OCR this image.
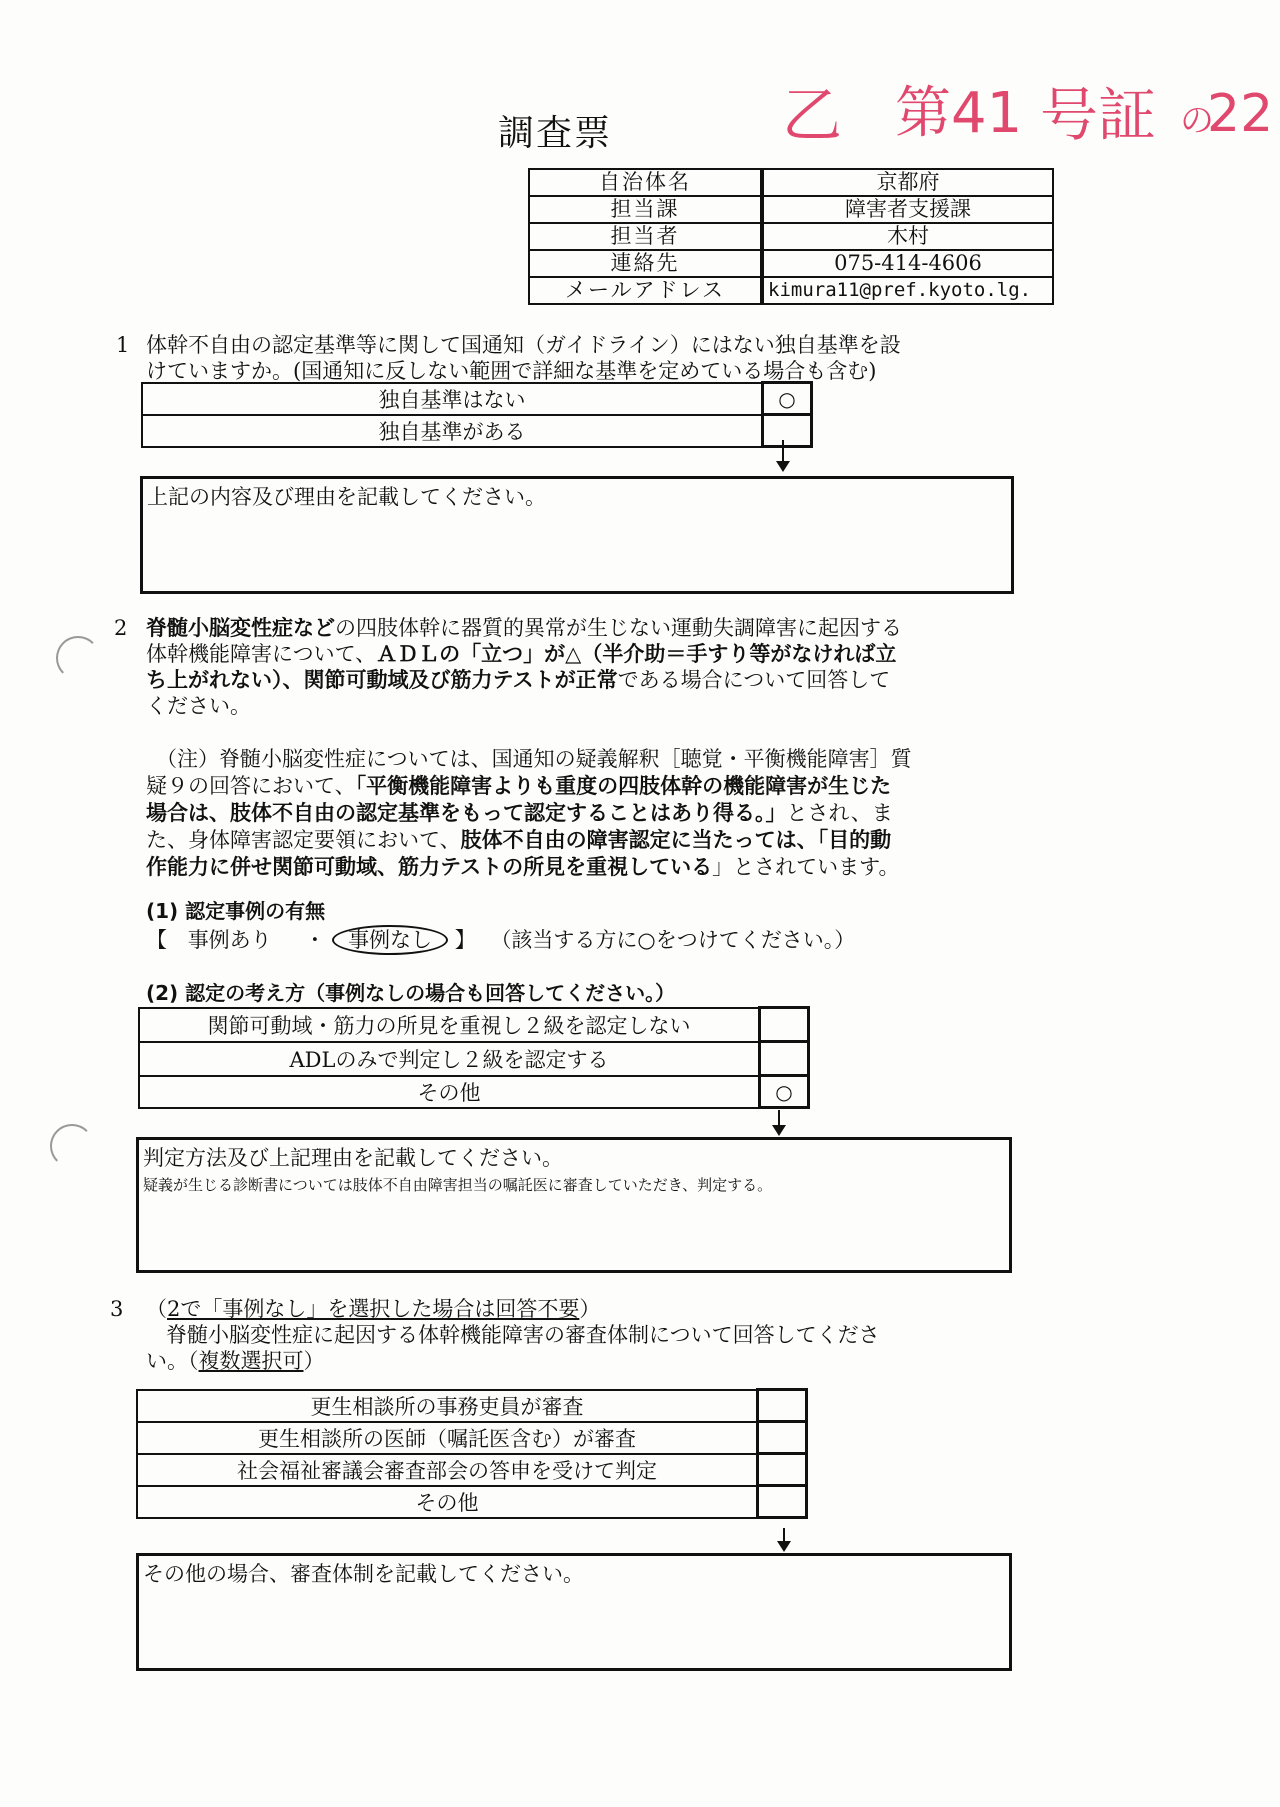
調査票	乙 第41 号証 の
22
自治体名	京都府
担当課	障害者支援課
担当者	木村
連絡先	075-414-4606
メールアドレス	kimura11@pref.kyoto.lg.
1 体幹不自由の認定基準等に関して国通知（ガイドライン）にはない独自基準を設
けていますか。(国通知に反しない範囲で詳細な基準を定めている場合も含む)
独自基準はない	○
独自基準がある	
上記の内容及び理由を記載してください。
2 脊髄小脳変性症などの四肢体幹に器質的異常が生じない運動失調障害に起因する
体幹機能障害について、ＡＤＬの「立つ」が△（半介助＝手すり等がなければ立
ち上がれない）、関節可動域及び筋力テストが正常である場合について回答して
ください。
（注）脊髄小脳変性症については、国通知の疑義解釈［聴覚・平衡機能障害］質
疑９の回答において、「平衡機能障害よりも重度の四肢体幹の機能障害が生じた
場合は、肢体不自由の認定基準をもって認定することはあり得る。」とされ、ま
た、身体障害認定要領において、肢体不自由の障害認定に当たっては、「目的動
作能力に併せ関節可動域、筋力テストの所見を重視している」とされています。
(1) 認定事例の有無
【 事例あり ・ 事例なし 】 （該当する方に○をつけてください。）
(2) 認定の考え方（事例なしの場合も回答してください。）
関節可動域・筋力の所見を重視し２級を認定しない	
ADLのみで判定し２級を認定する	
その他	○
判定方法及び上記理由を記載してください。
疑義が生じる診断書については肢体不自由障害担当の嘱託医に審査していただき、判定する。
3 （2で「事例なし」を選択した場合は回答不要）
脊髄小脳変性症に起因する体幹機能障害の審査体制について回答してくださ
い。（複数選択可）
更生相談所の事務吏員が審査	
更生相談所の医師（嘱託医含む）が審査	
社会福祉審議会審査部会の答申を受けて判定	
その他	
その他の場合、審査体制を記載してください。
